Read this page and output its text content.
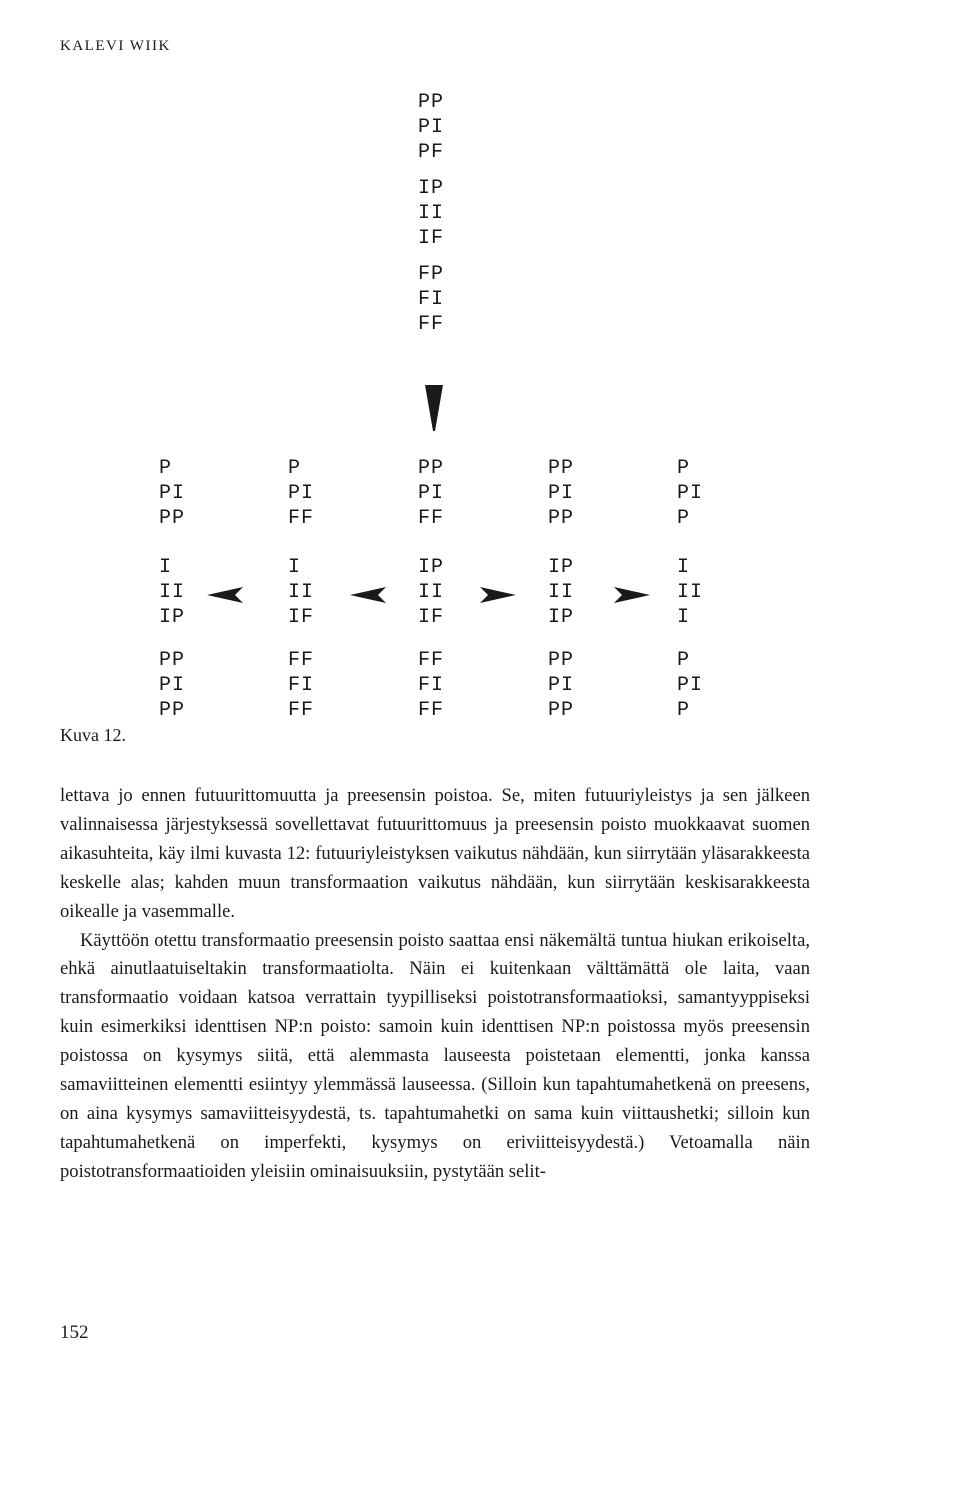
KALEVI WIIK
PP
PI
PF
IP
II
IF
FP
FI
FF
P
PI
PP
I
II
IP
PP
PI
PP
P
PI
FF
I
II
IF
FF
FI
FF
PP
PI
FF
IP
II
IF
FF
FI
FF
PP
PI
PP
IP
II
IP
PP
PI
PP
P
PI
P
I
II
I
P
PI
P
Kuva 12.

lettava jo ennen futuurittomuutta ja preesensin poistoa. Se, miten futuuriyleistys ja sen jälkeen valinnaisessa järjestyksessä sovellettavat futuurittomuus ja preesensin poisto muokkaavat suomen aikasuhteita, käy ilmi kuvasta 12: futuuriyleistyksen vaikutus nähdään, kun siirrytään yläsarakkeesta keskelle alas; kahden muun transformaation vaikutus nähdään, kun siirrytään keskisarakkeesta oikealle ja vasemmalle.

Käyttöön otettu transformaatio preesensin poisto saattaa ensi näkemältä tuntua hiukan erikoiselta, ehkä ainutlaatuiseltakin transformaatiolta. Näin ei kuitenkaan välttämättä ole laita, vaan transformaatio voidaan katsoa verrattain tyypilliseksi poistotransformaatioksi, samantyyppiseksi kuin esimerkiksi identtisen NP:n poisto: samoin kuin identtisen NP:n poistossa myös preesensin poistossa on kysymys siitä, että alemmasta lauseesta poistetaan elementti, jonka kanssa samaviitteinen elementti esiintyy ylemmässä lauseessa. (Silloin kun tapahtumahetkenä on preesens, on aina kysymys samaviitteisyydestä, ts. tapahtumahetki on sama kuin viittaushetki; silloin kun tapahtumahetkenä on imperfekti, kysymys on eriviitteisyydestä.) Vetoamalla näin poistotransformaatioiden yleisiin ominaisuuksiin, pystytään selit-

152
